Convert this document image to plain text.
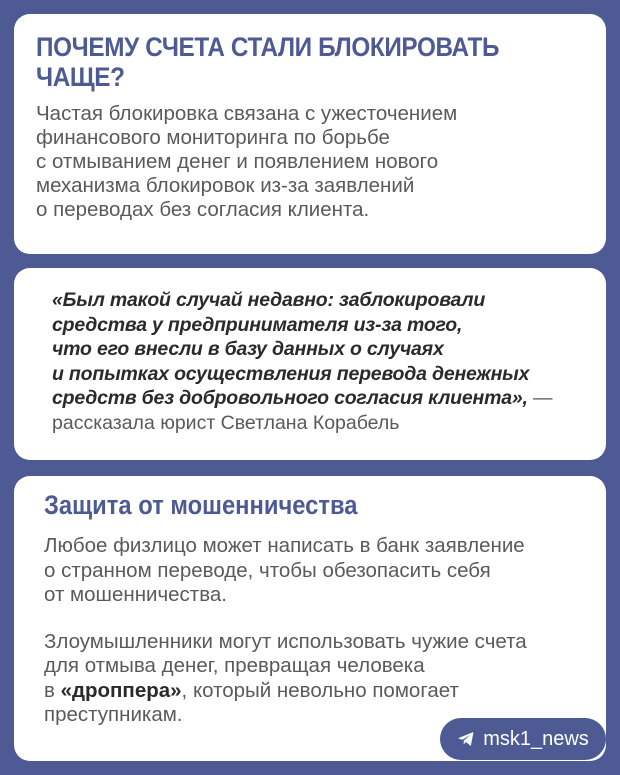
ПОЧЕМУ СЧЕТА СТАЛИ БЛОКИРОВАТЬ ЧАЩЕ?

Частая блокировка связана с ужесточением
финансового мониторинга по борьбе
с отмыванием денег и появлением нового
механизма блокировок из-за заявлений
о переводах без согласия клиента.

«Был такой случай недавно: заблокировали
средства у предпринимателя из-за того,
что его внесли в базу данных о случаях
и попытках осуществления перевода денежных
средств без добровольного согласия клиента», —

рассказала юрист Светлана Корабель

Защита от мошенничества

Любое физлицо может написать в банк заявление
о странном переводе, чтобы обезопасить себя
от мошенничества.

Злоумышленники могут использовать чужие счета
для отмыва денег, превращая человека
в «дроппера», который невольно помогает
преступникам.

msk1_news
